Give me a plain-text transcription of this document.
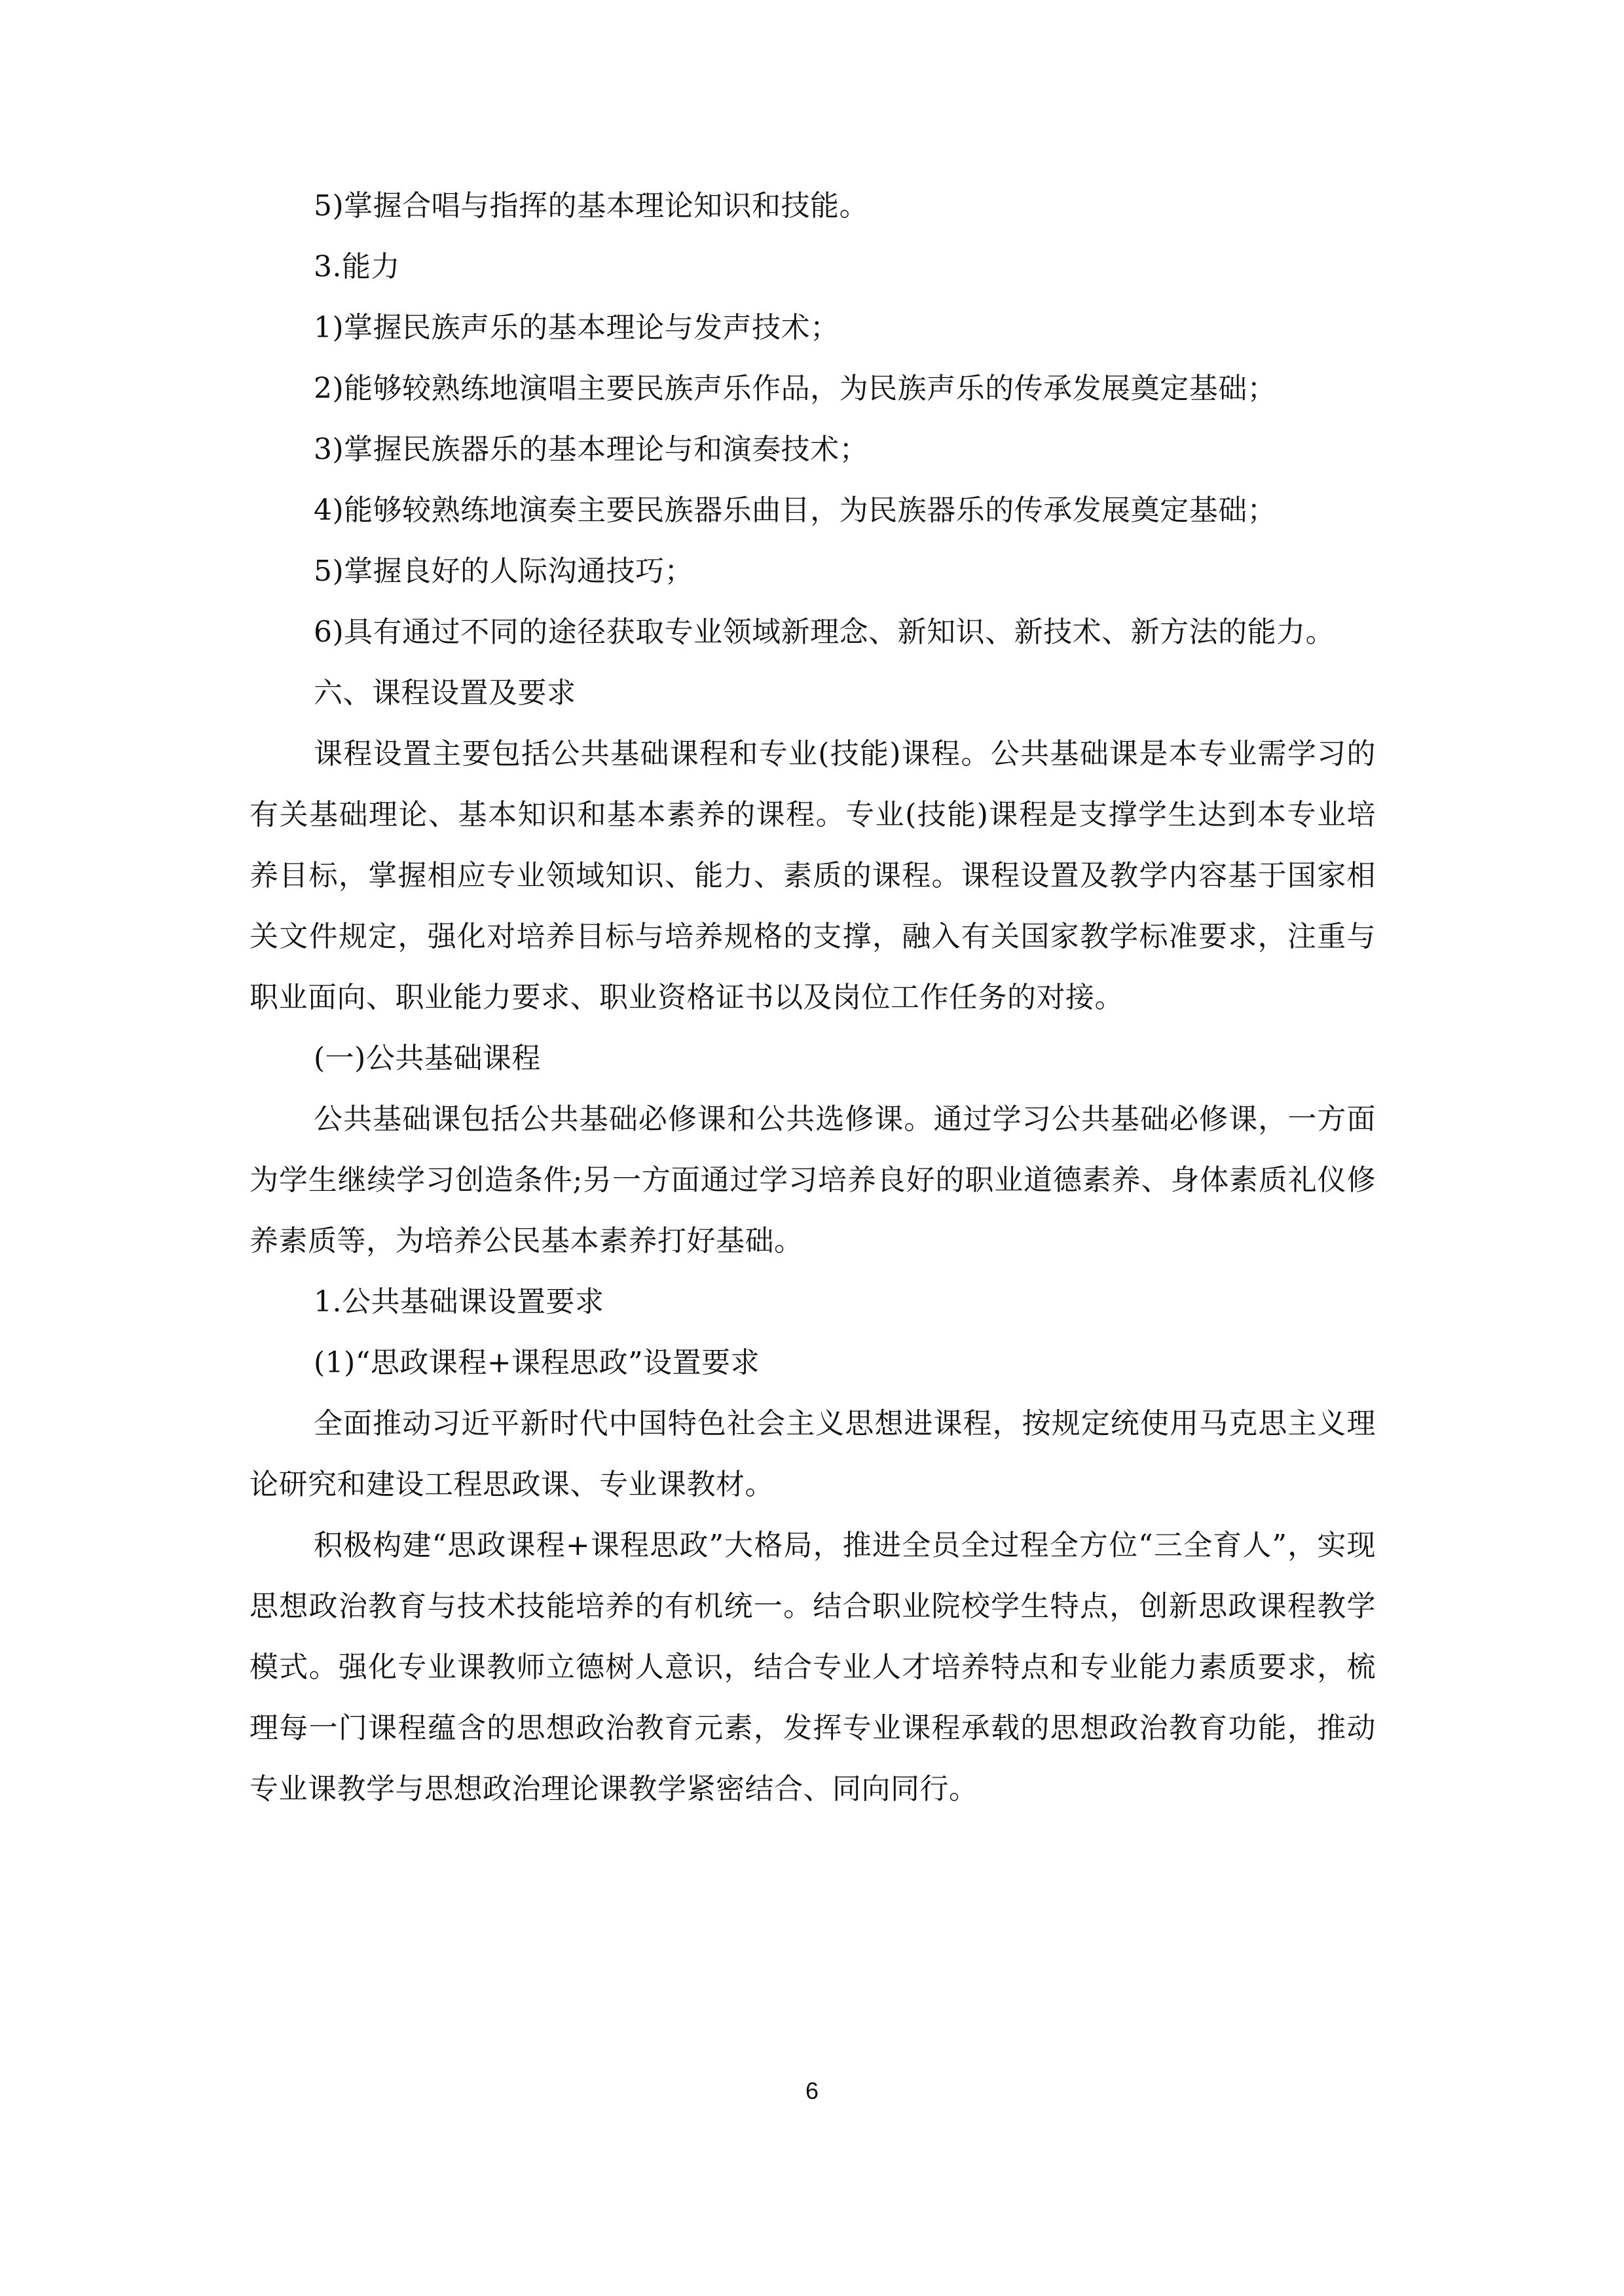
5)掌握合唱与指挥的基本理论知识和技能。

3.能力

1)掌握民族声乐的基本理论与发声技术；

2)能够较熟练地演唱主要民族声乐作品，为民族声乐的传承发展奠定基础；

3)掌握民族器乐的基本理论与和演奏技术；

4)能够较熟练地演奏主要民族器乐曲目，为民族器乐的传承发展奠定基础；

5)掌握良好的人际沟通技巧；

6)具有通过不同的途径获取专业领域新理念、新知识、新技术、新方法的能力。

六、课程设置及要求

课程设置主要包括公共基础课程和专业(技能)课程。公共基础课是本专业需学习的有关基础理论、基本知识和基本素养的课程。专业(技能)课程是支撑学生达到本专业培养目标，掌握相应专业领域知识、能力、素质的课程。课程设置及教学内容基于国家相关文件规定，强化对培养目标与培养规格的支撑，融入有关国家教学标准要求，注重与职业面向、职业能力要求、职业资格证书以及岗位工作任务的对接。

(一)公共基础课程

公共基础课包括公共基础必修课和公共选修课。通过学习公共基础必修课，一方面为学生继续学习创造条件;另一方面通过学习培养良好的职业道德素养、身体素质礼仪修养素质等，为培养公民基本素养打好基础。

1.公共基础课设置要求

(1)“思政课程+课程思政”设置要求

全面推动习近平新时代中国特色社会主义思想进课程，按规定统使用马克思主义理论研究和建设工程思政课、专业课教材。

积极构建“思政课程+课程思政”大格局，推进全员全过程全方位“三全育人”，实现思想政治教育与技术技能培养的有机统一。结合职业院校学生特点，创新思政课程教学模式。强化专业课教师立德树人意识，结合专业人才培养特点和专业能力素质要求，梳理每一门课程蕴含的思想政治教育元素，发挥专业课程承载的思想政治教育功能，推动专业课教学与思想政治理论课教学紧密结合、同向同行。

6
